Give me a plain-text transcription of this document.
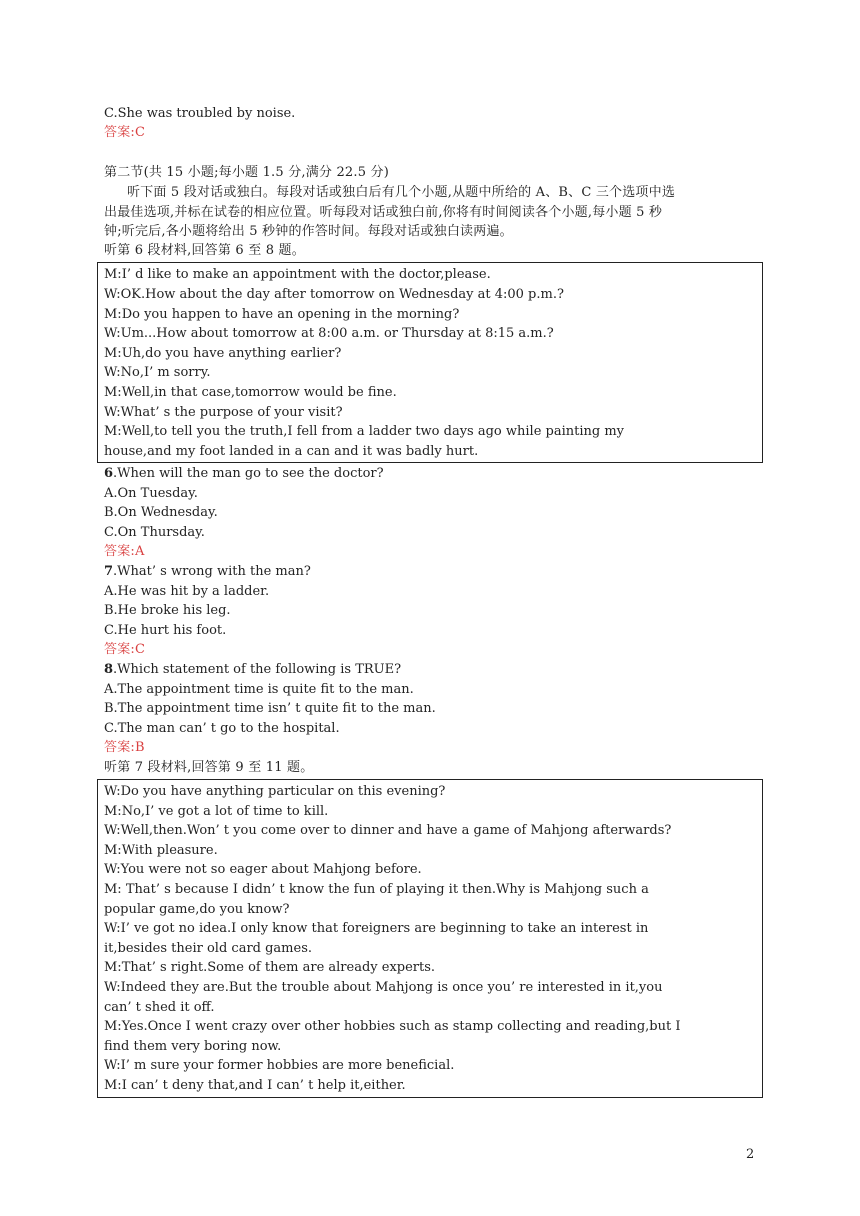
C.She was troubled by noise.
答案:C
第二节(共 15 小题;每小题 1.5 分,满分 22.5 分)
听下面 5 段对话或独白。每段对话或独白后有几个小题,从题中所给的 A、B、C 三个选项中选
出最佳选项,并标在试卷的相应位置。听每段对话或独白前,你将有时间阅读各个小题,每小题 5 秒
钟;听完后,各小题将给出 5 秒钟的作答时间。每段对话或独白读两遍。
听第 6 段材料,回答第 6 至 8 题。
M:I’ d like to make an appointment with the doctor,please.
W:OK.How about the day after tomorrow on Wednesday at 4:00 p.m.?
M:Do you happen to have an opening in the morning?
W:Um...How about tomorrow at 8:00 a.m. or Thursday at 8:15 a.m.?
M:Uh,do you have anything earlier?
W:No,I’ m sorry.
M:Well,in that case,tomorrow would be fine.
W:What’ s the purpose of your visit?
M:Well,to tell you the truth,I fell from a ladder two days ago while painting my
house,and my foot landed in a can and it was badly hurt.
6.When will the man go to see the doctor?
A.On Tuesday.
B.On Wednesday.
C.On Thursday.
答案:A
7.What’ s wrong with the man?
A.He was hit by a ladder.
B.He broke his leg.
C.He hurt his foot.
答案:C
8.Which statement of the following is TRUE?
A.The appointment time is quite fit to the man.
B.The appointment time isn’ t quite fit to the man.
C.The man can’ t go to the hospital.
答案:B
听第 7 段材料,回答第 9 至 11 题。
W:Do you have anything particular on this evening?
M:No,I’ ve got a lot of time to kill.
W:Well,then.Won’ t you come over to dinner and have a game of Mahjong afterwards?
M:With pleasure.
W:You were not so eager about Mahjong before.
M: That’ s because I didn’ t know the fun of playing it then.Why is Mahjong such a
popular game,do you know?
W:I’ ve got no idea.I only know that foreigners are beginning to take an interest in
it,besides their old card games.
M:That’ s right.Some of them are already experts.
W:Indeed they are.But the trouble about Mahjong is once you’ re interested in it,you
can’ t shed it off.
M:Yes.Once I went crazy over other hobbies such as stamp collecting and reading,but I
find them very boring now.
W:I’ m sure your former hobbies are more beneficial.
M:I can’ t deny that,and I can’ t help it,either.
2
